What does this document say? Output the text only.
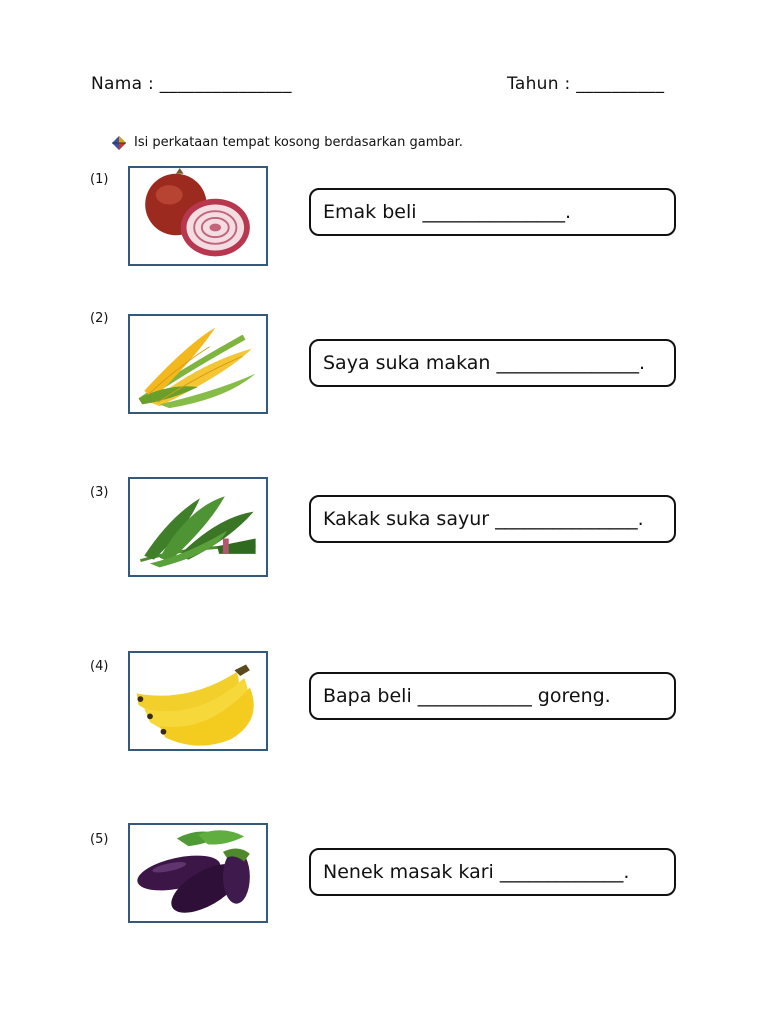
Nama : _______________	Tahun : __________
Isi perkataan tempat kosong berdasarkan gambar.
(1)
Emak beli _______________.
(2)
Saya suka makan _______________.
(3)
Kakak suka sayur _______________.
(4)
Bapa beli ____________ goreng.
(5)
Nenek masak kari _____________.
